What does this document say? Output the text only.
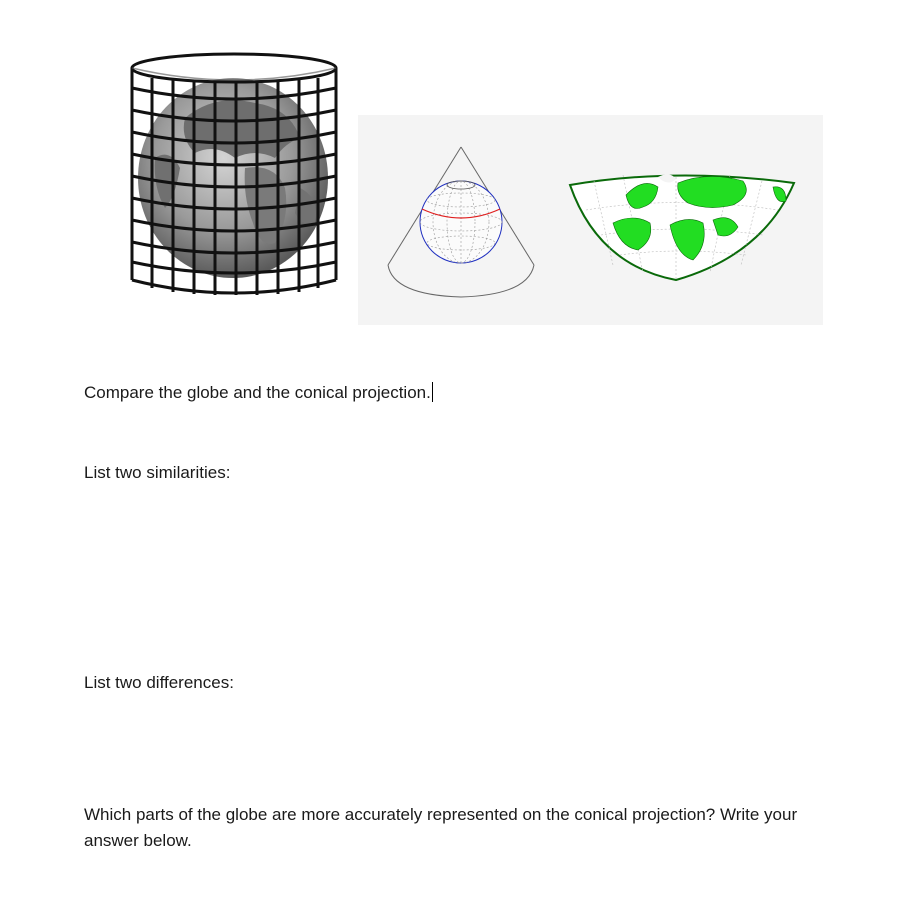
Compare the globe and the conical projection.

List two similarities:

List two differences:

Which parts of the globe are more accurately represented on the conical projection? Write your answer below.
